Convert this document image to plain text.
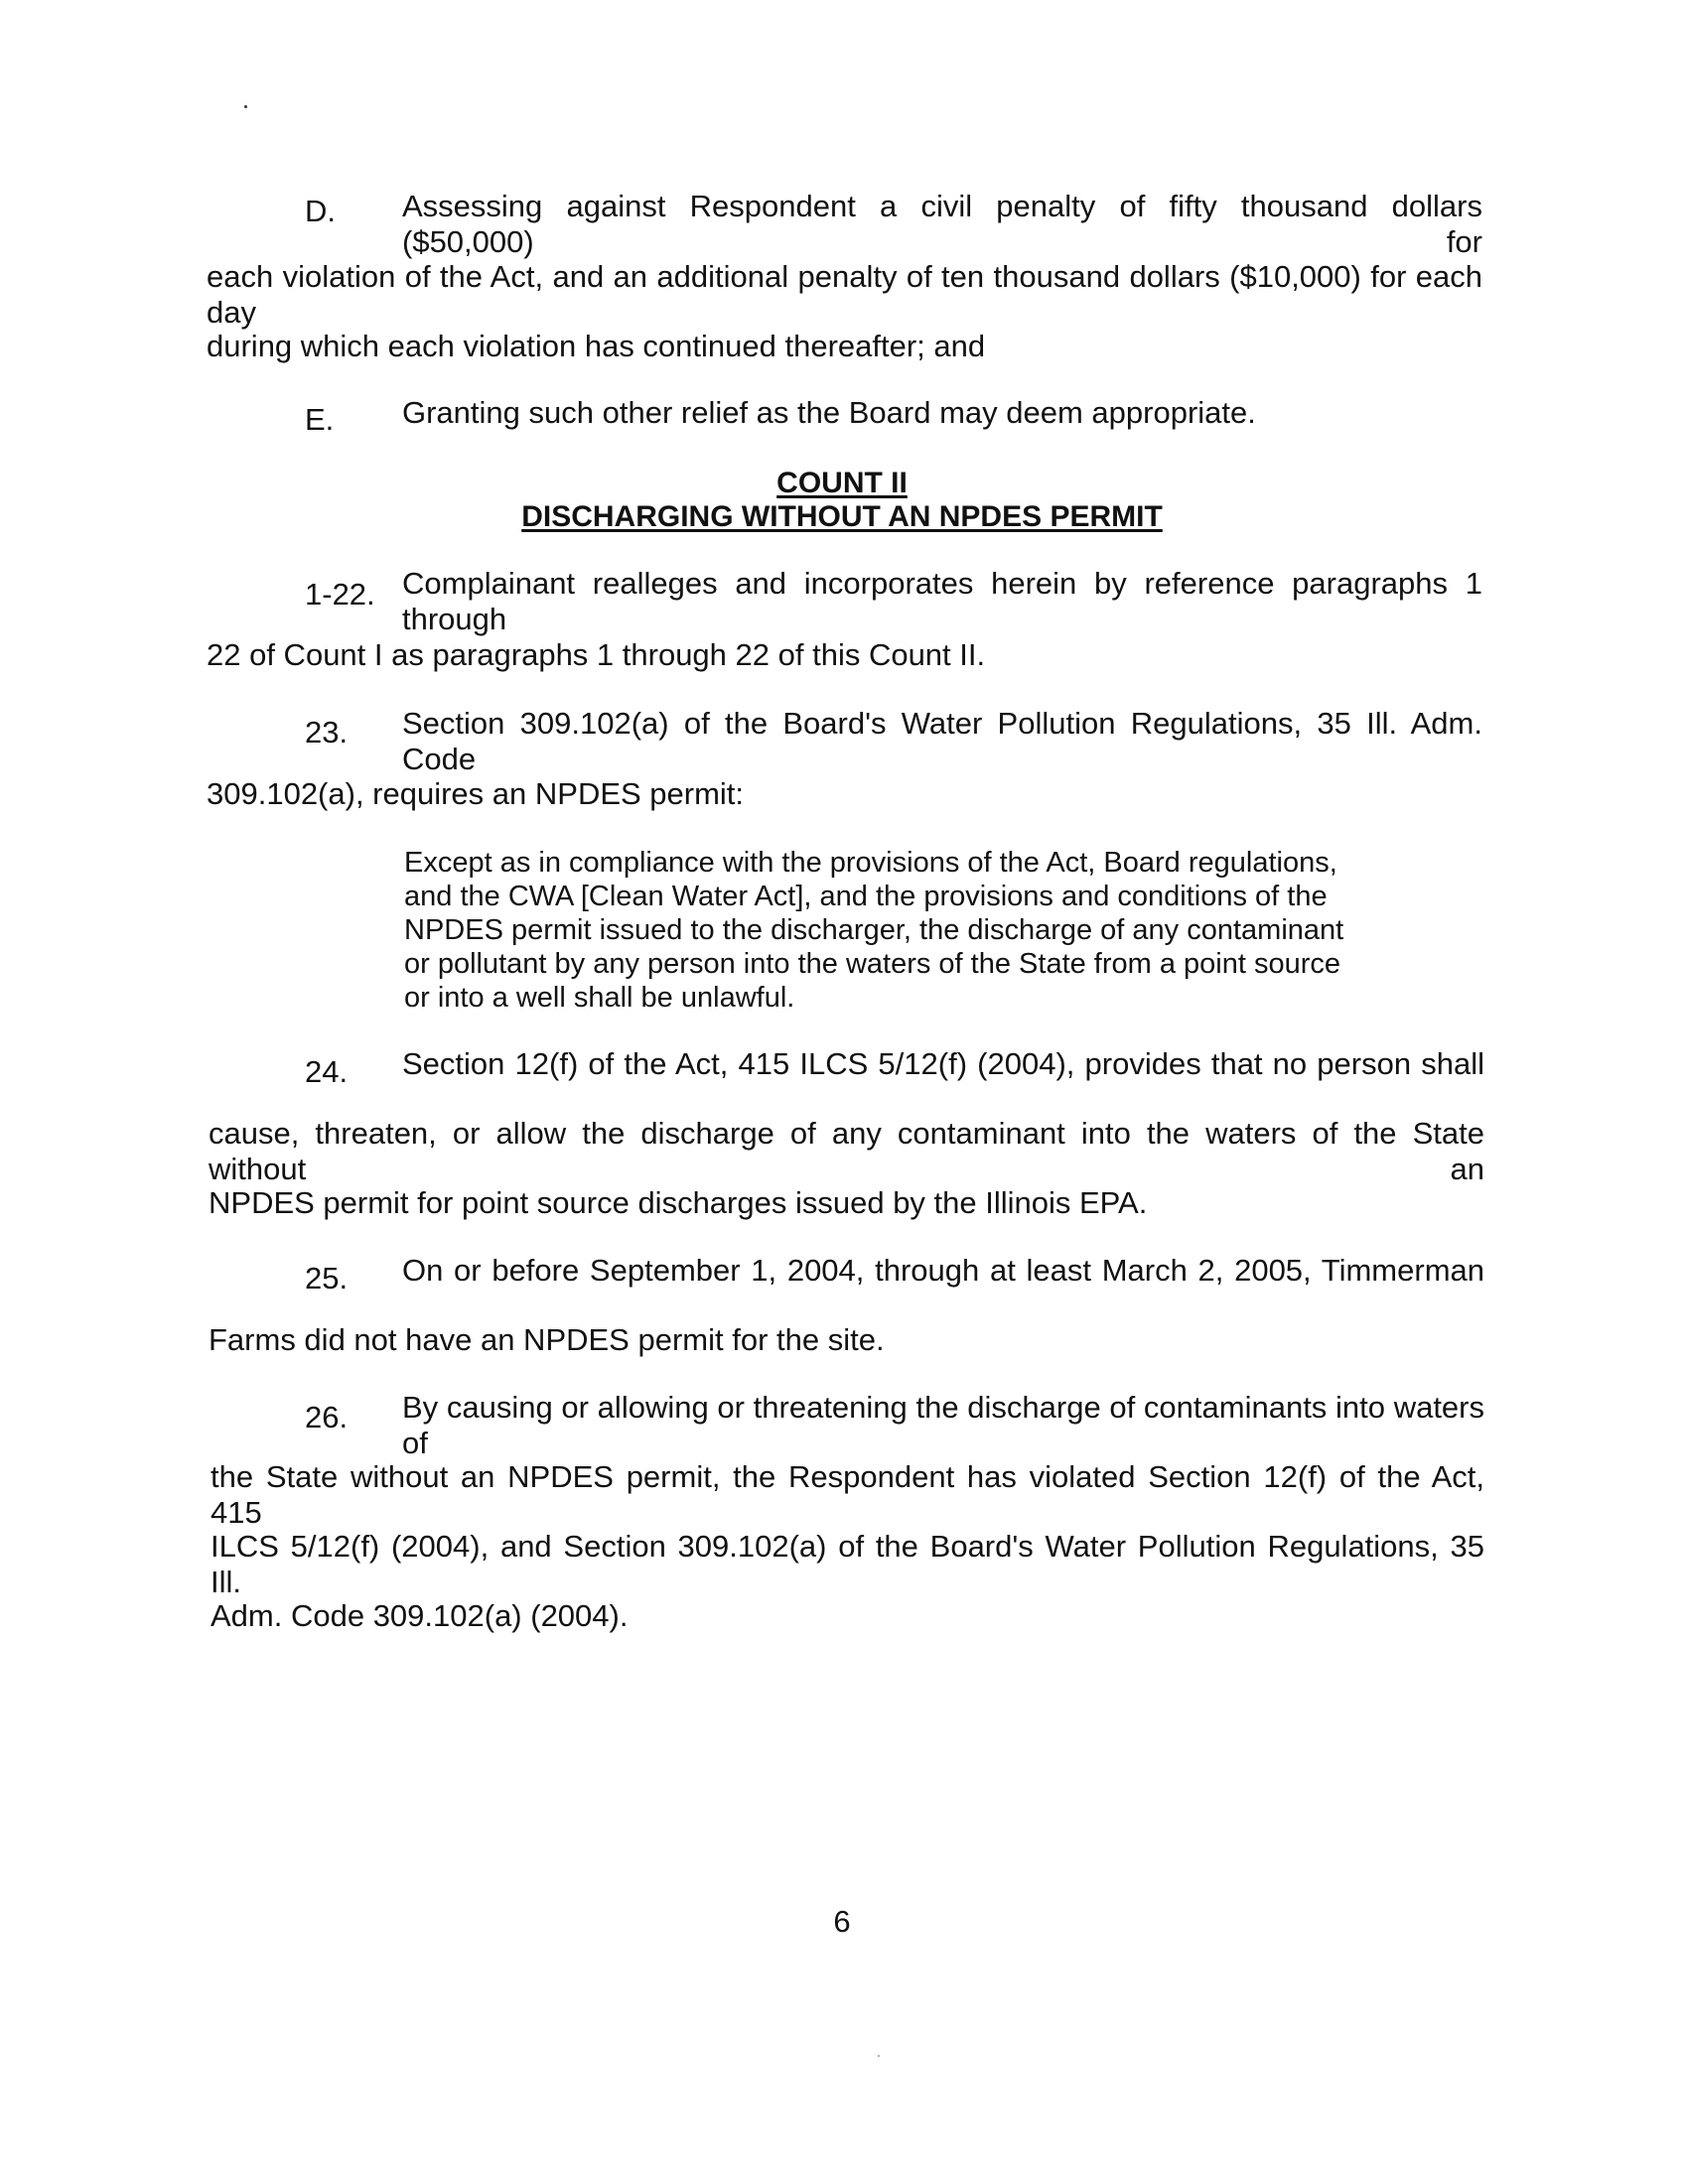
D. Assessing against Respondent a civil penalty of fifty thousand dollars ($50,000) for
each violation of the Act, and an additional penalty of ten thousand dollars ($10,000) for each day
during which each violation has continued thereafter; and
E. Granting such other relief as the Board may deem appropriate.
COUNT II
DISCHARGING WITHOUT AN NPDES PERMIT
1-22. Complainant realleges and incorporates herein by reference paragraphs 1 through
22 of Count I as paragraphs 1 through 22 of this Count II.
23. Section 309.102(a) of the Board's Water Pollution Regulations, 35 Ill. Adm. Code
309.102(a), requires an NPDES permit:
Except as in compliance with the provisions of the Act, Board regulations,
and the CWA [Clean Water Act], and the provisions and conditions of the
NPDES permit issued to the discharger, the discharge of any contaminant
or pollutant by any person into the waters of the State from a point source
or into a well shall be unlawful.
24. Section 12(f) of the Act, 415 ILCS 5/12(f) (2004), provides that no person shall
cause, threaten, or allow the discharge of any contaminant into the waters of the State without an
NPDES permit for point source discharges issued by the Illinois EPA.
25. On or before September 1, 2004, through at least March 2, 2005, Timmerman
Farms did not have an NPDES permit for the site.
26. By causing or allowing or threatening the discharge of contaminants into waters of
the State without an NPDES permit, the Respondent has violated Section 12(f) of the Act, 415
ILCS 5/12(f) (2004), and Section 309.102(a) of the Board's Water Pollution Regulations, 35 Ill.
Adm. Code 309.102(a) (2004).
6
